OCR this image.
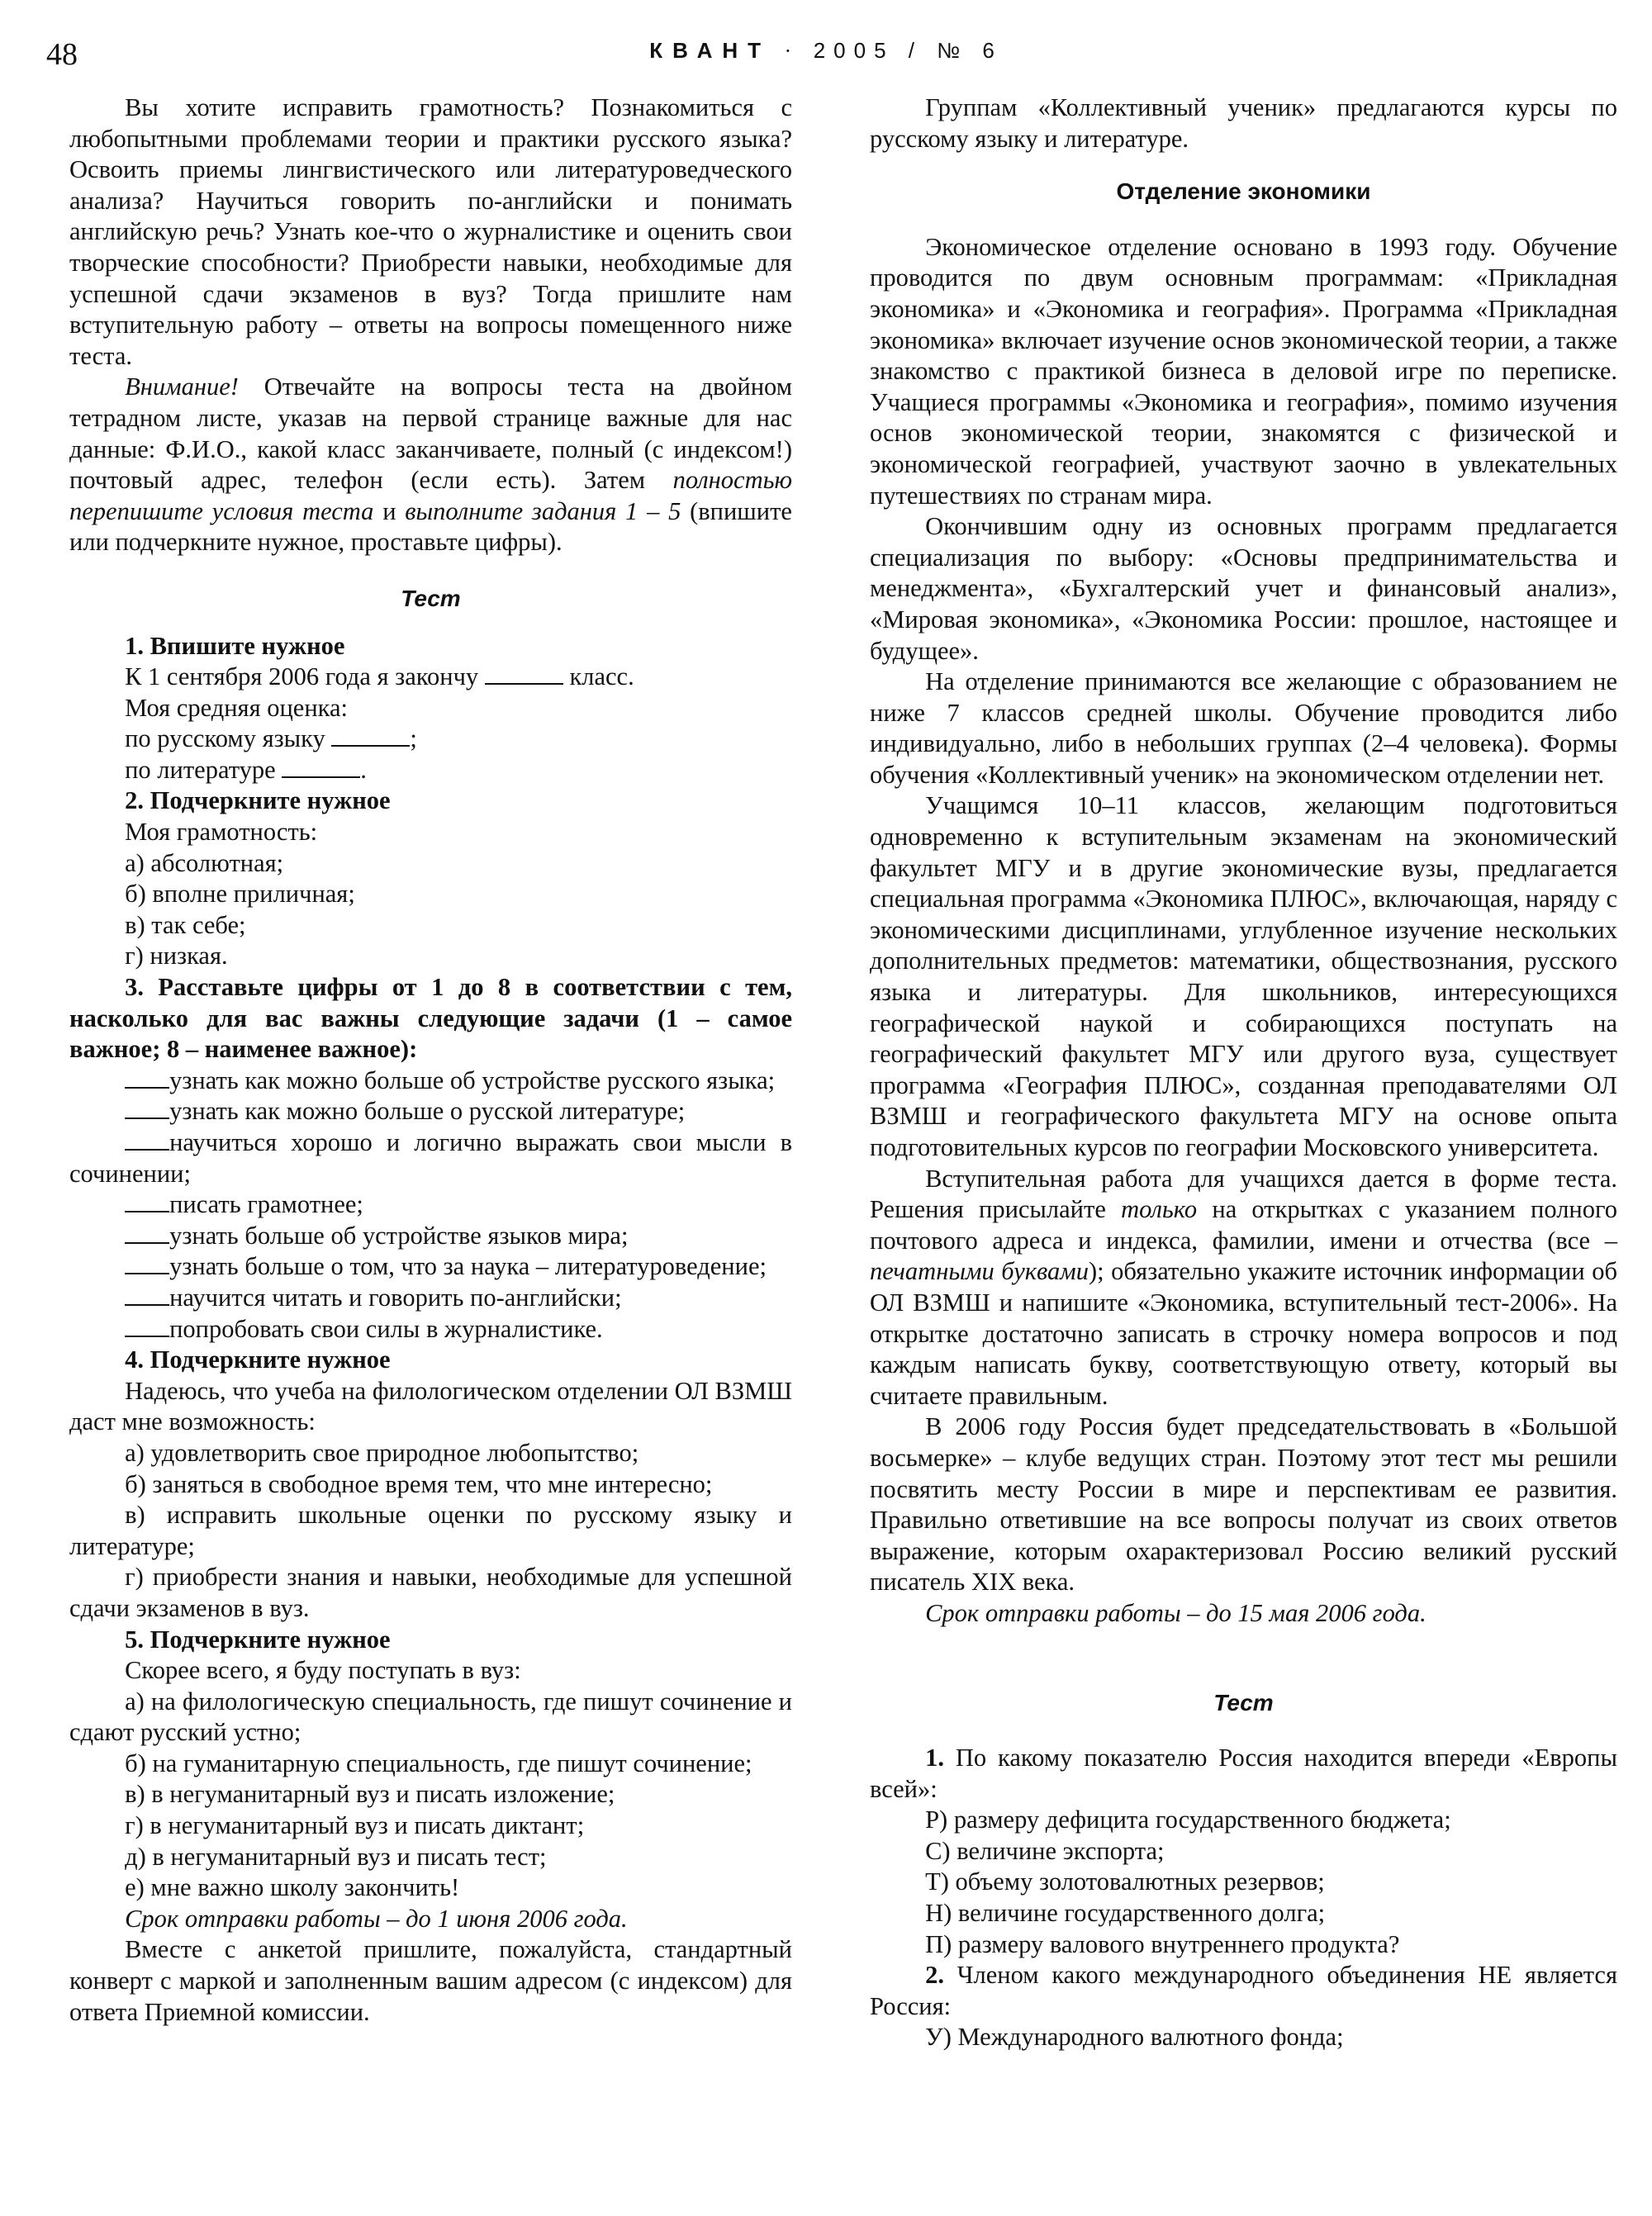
48	КВАНТ · 2005 / № 6

Вы хотите исправить грамотность? Познакомиться с любопытными проблемами теории и практики русского языка? Освоить приемы лингвистического или литературоведческого анализа? Научиться говорить по-английски и понимать английскую речь? Узнать кое-что о журналистике и оценить свои творческие способности? Приобрести навыки, необходимые для успешной сдачи экзаменов в вуз? Тогда пришлите нам вступительную работу – ответы на вопросы помещенного ниже теста.

Внимание! Отвечайте на вопросы теста на двойном тетрадном листе, указав на первой странице важные для нас данные: Ф.И.О., какой класс заканчиваете, полный (с индексом!) почтовый адрес, телефон (если есть). Затем полностью перепишите условия теста и выполните задания 1 – 5 (впишите или подчеркните нужное, проставьте цифры).

Тест

1. Впишите нужное

К 1 сентября 2006 года я закончу	класс.

Моя средняя оценка:

по русскому языку	;

по литературе	.

2. Подчеркните нужное

Моя грамотность:

а) абсолютная;

б) вполне приличная;

в) так себе;

г) низкая.

3. Расставьте цифры от 1 до 8 в соответствии с тем, насколько для вас важны следующие задачи (1 – самое важное; 8 – наименее важное):

узнать как можно больше об устройстве русского языка;

узнать как можно больше о русской литературе;

научиться хорошо и логично выражать свои мысли в сочинении;

писать грамотнее;

узнать больше об устройстве языков мира;

узнать больше о том, что за наука – литературоведение;

научится читать и говорить по-английски;

попробовать свои силы в журналистике.

4. Подчеркните нужное

Надеюсь, что учеба на филологическом отделении ОЛ ВЗМШ даст мне возможность:

а) удовлетворить свое природное любопытство;

б) заняться в свободное время тем, что мне интересно;

в) исправить школьные оценки по русскому языку и литературе;

г) приобрести знания и навыки, необходимые для успешной сдачи экзаменов в вуз.

5. Подчеркните нужное

Скорее всего, я буду поступать в вуз:

а) на филологическую специальность, где пишут сочинение и сдают русский устно;

б) на гуманитарную специальность, где пишут сочинение;

в) в негуманитарный вуз и писать изложение;

г) в негуманитарный вуз и писать диктант;

д) в негуманитарный вуз и писать тест;

е) мне важно школу закончить!

Срок отправки работы – до 1 июня 2006 года.

Вместе с анкетой пришлите, пожалуйста, стандартный конверт с маркой и заполненным вашим адресом (с индексом) для ответа Приемной комиссии.

Группам «Коллективный ученик» предлагаются курсы по русскому языку и литературе.

Отделение экономики

Экономическое отделение основано в 1993 году. Обучение проводится по двум основным программам: «Прикладная экономика» и «Экономика и география». Программа «Прикладная экономика» включает изучение основ экономической теории, а также знакомство с практикой бизнеса в деловой игре по переписке. Учащиеся программы «Экономика и география», помимо изучения основ экономической теории, знакомятся с физической и экономической географией, участвуют заочно в увлекательных путешествиях по странам мира.

Окончившим одну из основных программ предлагается специализация по выбору: «Основы предпринимательства и менеджмента», «Бухгалтерский учет и финансовый анализ», «Мировая экономика», «Экономика России: прошлое, настоящее и будущее».

На отделение принимаются все желающие с образованием не ниже 7 классов средней школы. Обучение проводится либо индивидуально, либо в небольших группах (2–4 человека). Формы обучения «Коллективный ученик» на экономическом отделении нет.

Учащимся 10–11 классов, желающим подготовиться одновременно к вступительным экзаменам на экономический факультет МГУ и в другие экономические вузы, предлагается специальная программа «Экономика ПЛЮС», включающая, наряду с экономическими дисциплинами, углубленное изучение нескольких дополнительных предметов: математики, обществознания, русского языка и литературы. Для школьников, интересующихся географической наукой и собирающихся поступать на географический факультет МГУ или другого вуза, существует программа «География ПЛЮС», созданная преподавателями ОЛ ВЗМШ и географического факультета МГУ на основе опыта подготовительных курсов по географии Московского университета.

Вступительная работа для учащихся дается в форме теста. Решения присылайте только на открытках с указанием полного почтового адреса и индекса, фамилии, имени и отчества (все – печатными буквами); обязательно укажите источник информации об ОЛ ВЗМШ и напишите «Экономика, вступительный тест-2006». На открытке достаточно записать в строчку номера вопросов и под каждым написать букву, соответствующую ответу, который вы считаете правильным.

В 2006 году Россия будет председательствовать в «Большой восьмерке» – клубе ведущих стран. Поэтому этот тест мы решили посвятить месту России в мире и перспективам ее развития. Правильно ответившие на все вопросы получат из своих ответов выражение, которым охарактеризовал Россию великий русский писатель XIX века.

Срок отправки работы – до 15 мая 2006 года.

Тест

1. По какому показателю Россия находится впереди «Европы всей»:

Р) размеру дефицита государственного бюджета;

С) величине экспорта;

Т) объему золотовалютных резервов;

Н) величине государственного долга;

П) размеру валового внутреннего продукта?

2. Членом какого международного объединения НЕ является Россия:

У) Международного валютного фонда;
